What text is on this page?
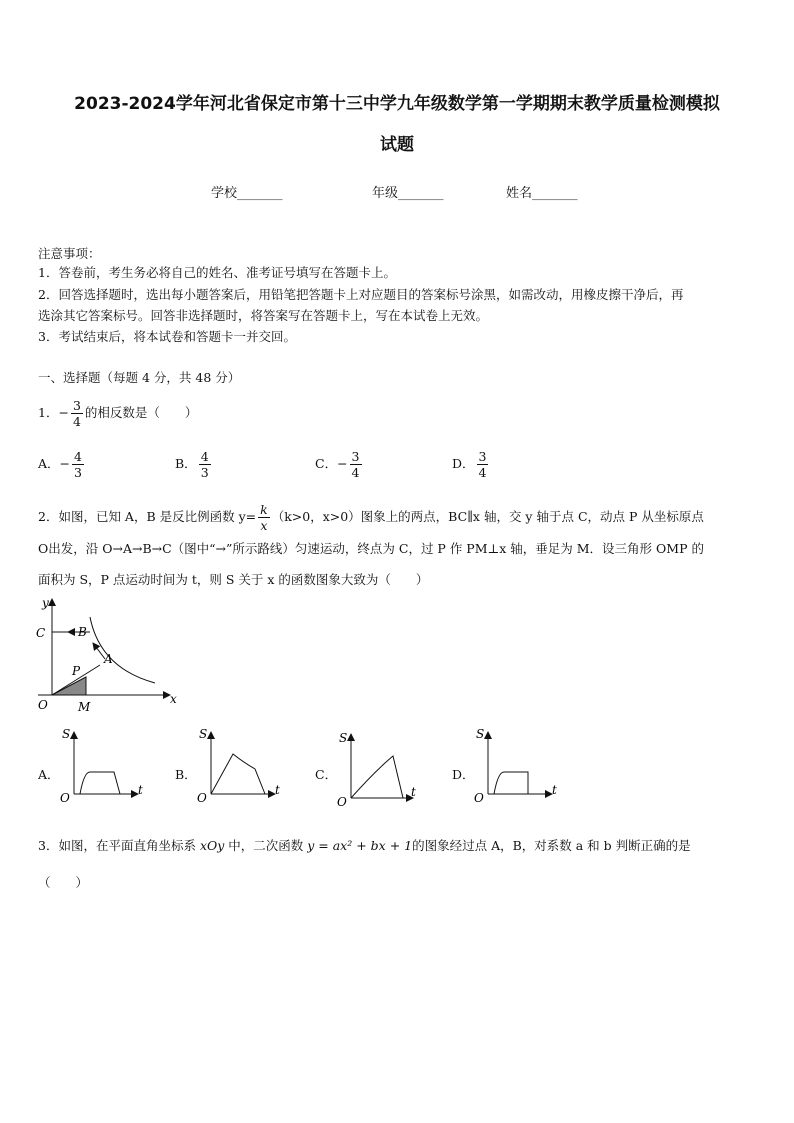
2023-2024学年河北省保定市第十三中学九年级数学第一学期期末教学质量检测模拟
试题
学校_______	年级_______	姓名_______
注意事项：
1．答卷前，考生务必将自己的姓名、准考证号填写在答题卡上。
2．回答选择题时，选出每小题答案后，用铅笔把答题卡上对应题目的答案标号涂黑，如需改动，用橡皮擦干净后，再
选涂其它答案标号。回答非选择题时，将答案写在答题卡上，写在本试卷上无效。
3．考试结束后，将本试卷和答题卡一并交回。
一、选择题（每题 4 分，共 48 分）
1．− $\frac{3}{4}$ 的相反数是（　　）
A．− $\frac{4}{3}$	B． $\frac{4}{3}$	C．− $\frac{3}{4}$	D． $\frac{3}{4}$
2．如图，已知 A，B 是反比例函数 $y= \frac{k}{x} (k>0$，x>0）图象上的两点，BC∥x 轴，交 y 轴于点 C，动点 P 从坐标原点
O出发，沿 O→A→B→C（图中“→”所示路线）匀速运动，终点为 C，过 P 作 PM⊥x 轴，垂足为 M．设三角形 OMP 的
面积为 S，P 点运动时间为 t，则 S 关于 x 的函数图象大致为（　　）
y
x
C	B
A
P
O	M
A．
S
t
O
B．
S
t
O
C．
S
t
O
D．
S
t
O
3．如图，在平面直角坐标系 xOy 中，二次函数 y = ax² + bx + 1的图象经过点 A，B，对系数 a 和 b 判断正确的是
（　　）
